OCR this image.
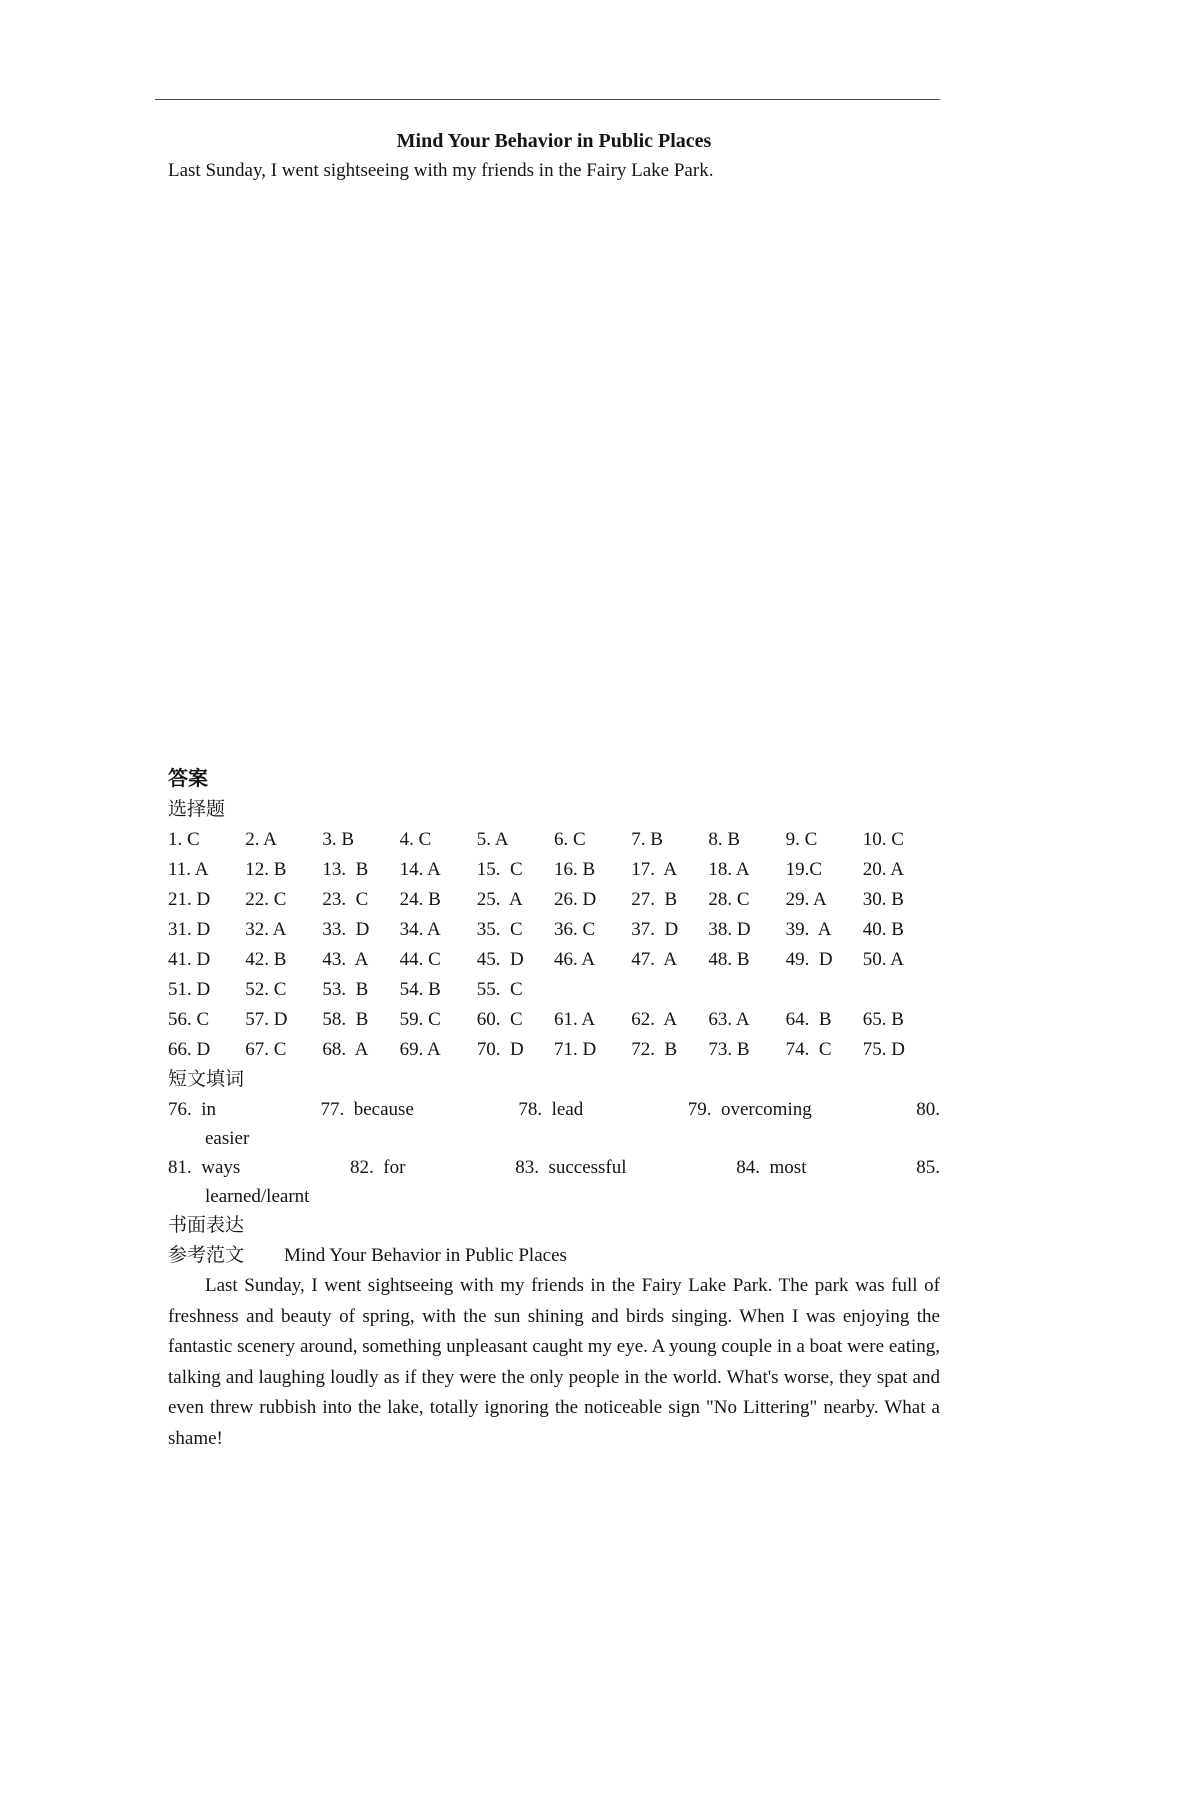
Mind Your Behavior in Public Places
Last Sunday, I went sightseeing with my friends in the Fairy Lake Park.
答案
选择题
1. C	2. A	3. B	4. C	5. A	6. C	7. B	8. B	9. C	10. C
11. A	12. B	13.  B	14. A	15.  C	16. B	17.  A	18. A	19.C	20. A
21. D	22. C	23.  C	24. B	25.  A	26. D	27.  B	28. C	29. A	30. B
31. D	32. A	33.  D	34. A	35.  C	36. C	37.  D	38. D	39.  A	40. B
41. D	42. B	43.  A	44. C	45.  D	46. A	47.  A	48. B	49.  D	50. A
51. D	52. C	53.  B	54. B	55.  C
56. C	57. D	58.  B	59. C	60.  C	61. A	62.  A	63. A	64.  B	65. B
66. D	67. C	68.  A	69. A	70.  D	71. D	72.  B	73. B	74.  C	75. D
短文填词
76.  in	77.  because	78.  lead	79.  overcoming	80.
easier
81.  ways	82.  for	83.  successful	84.  most	85.
learned/learnt
书面表达
参考范文 Mind Your Behavior in Public Places

Last Sunday, I went sightseeing with my friends in the Fairy Lake Park. The park was full of freshness and beauty of spring, with the sun shining and birds singing. When I was enjoying the fantastic scenery around, something unpleasant caught my eye. A young couple in a boat were eating, talking and laughing loudly as if they were the only people in the world. What's worse, they spat and even threw rubbish into the lake, totally ignoring the noticeable sign "No Littering" nearby. What a shame!
